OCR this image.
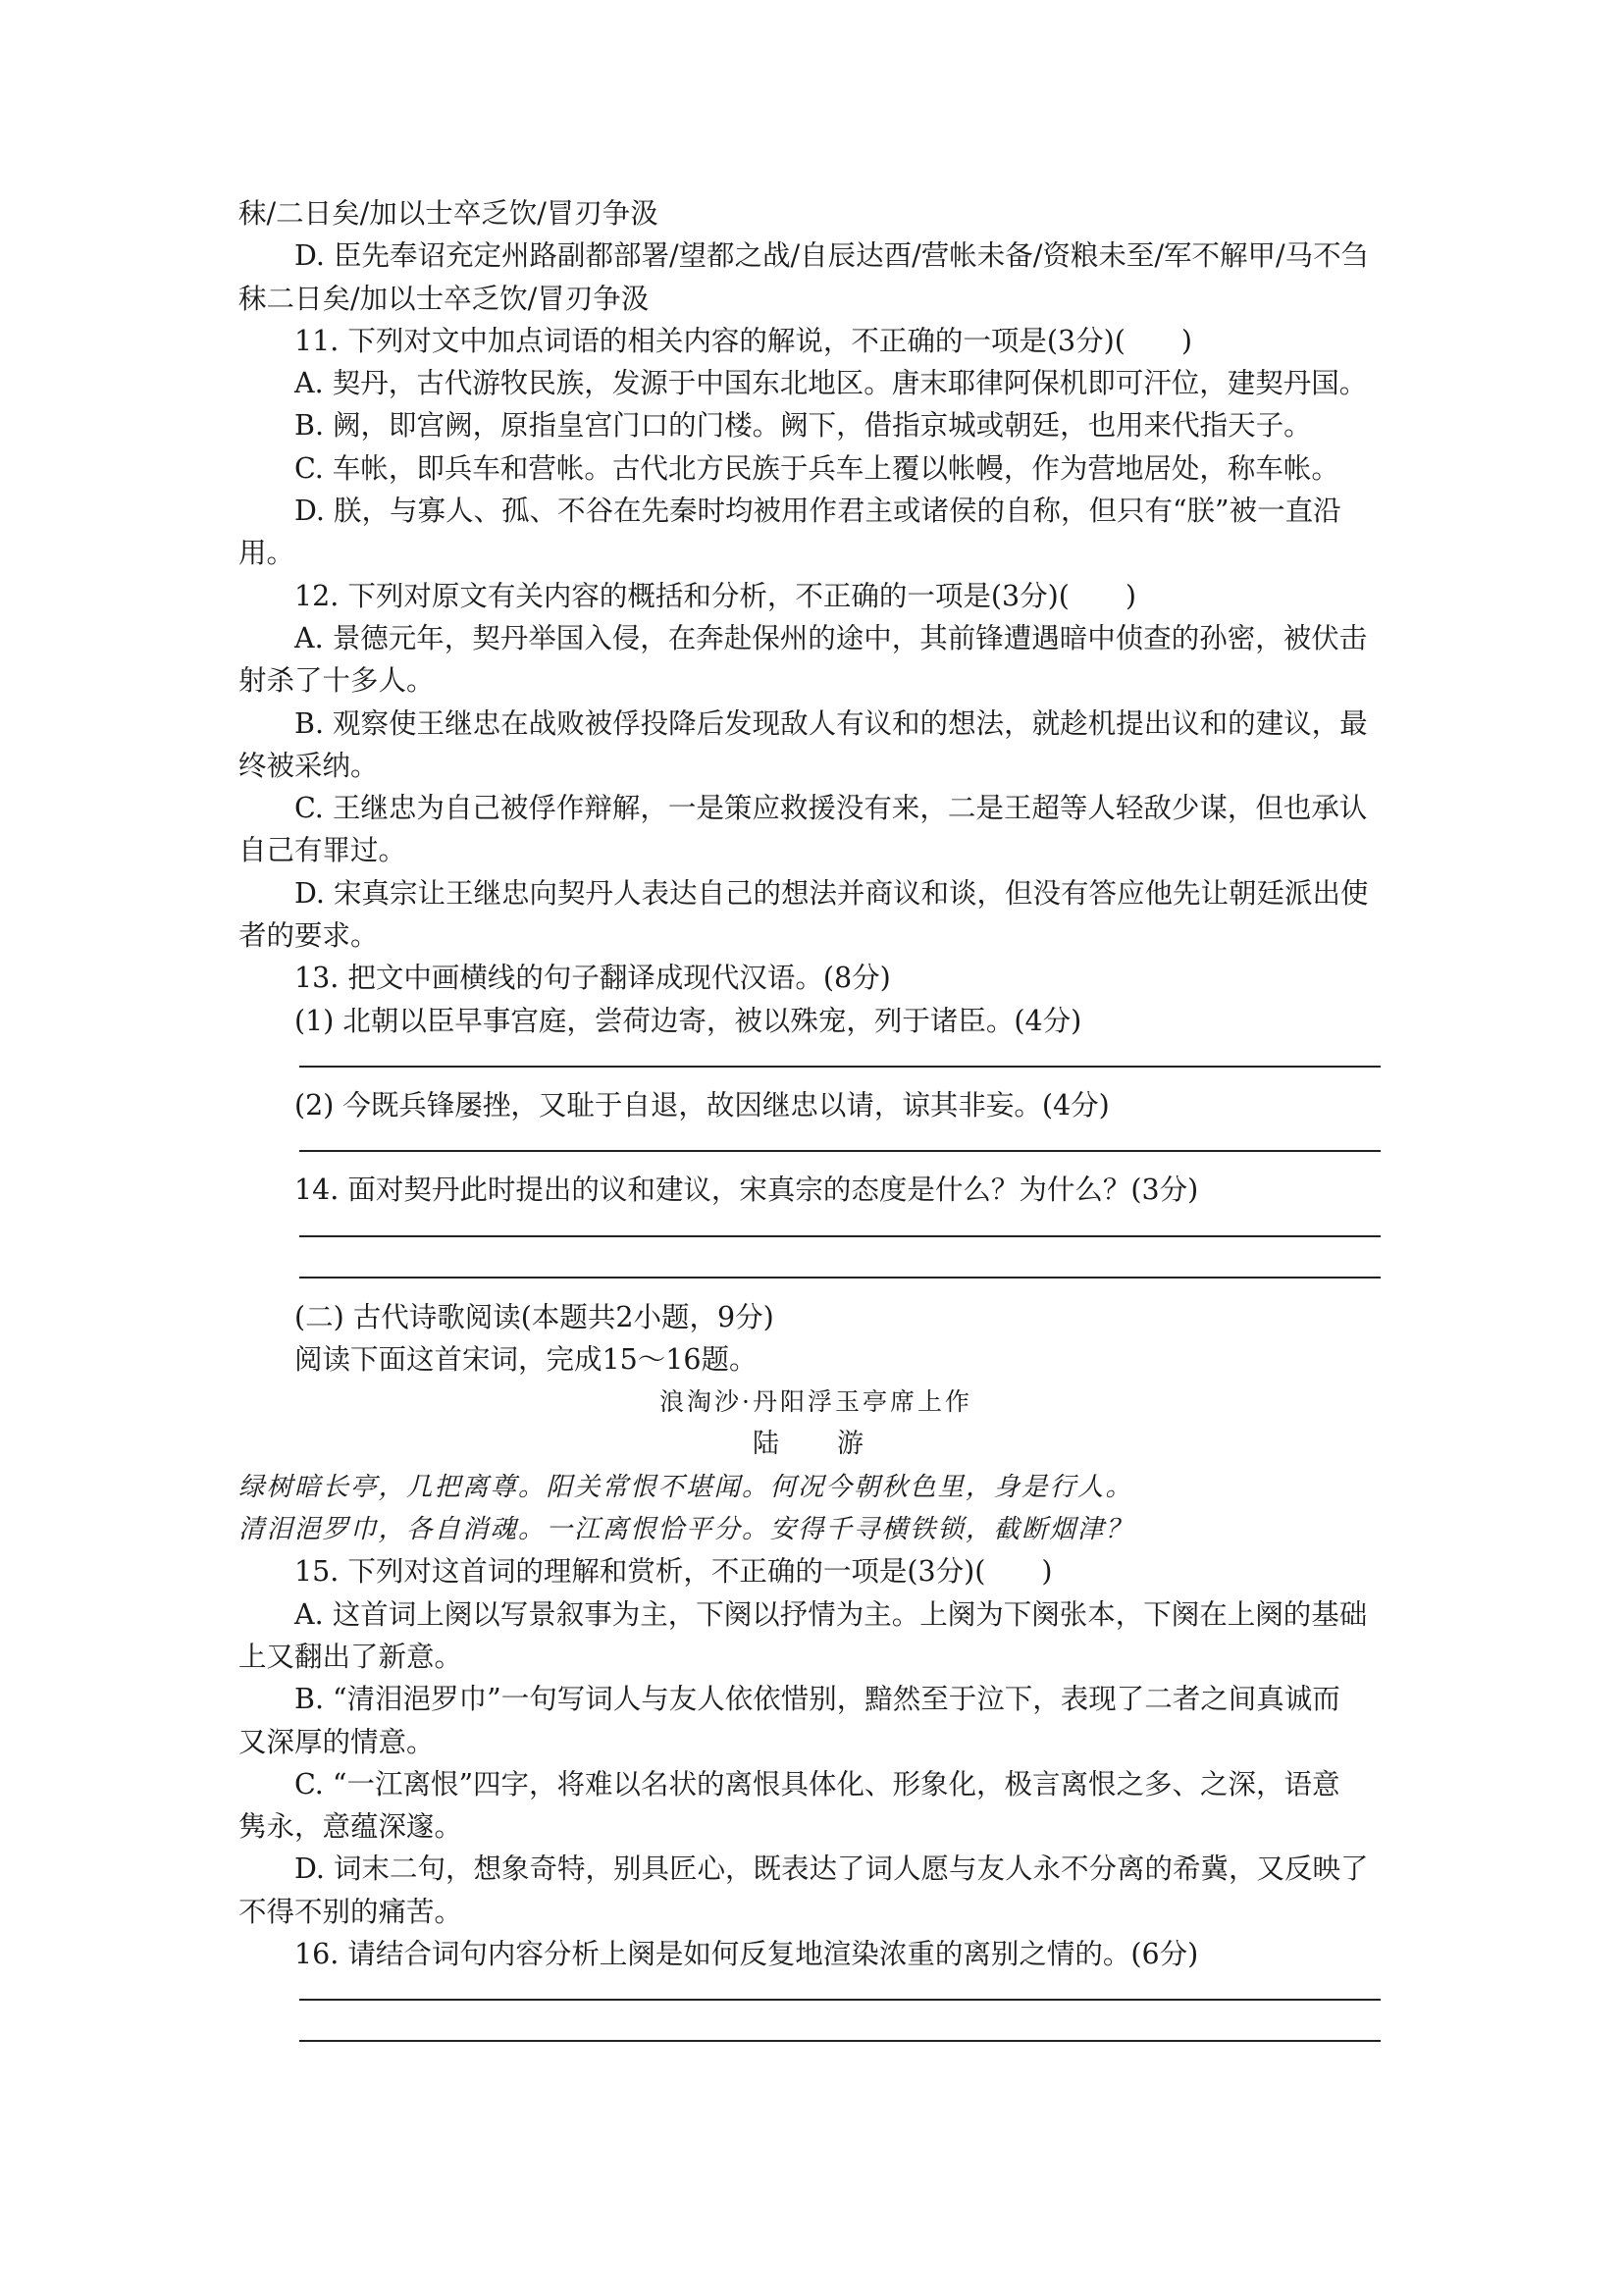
秣/二日矣/加以士卒乏饮/冒刃争汲
D. 臣先奉诏充定州路副都部署/望都之战/自辰达酉/营帐未备/资粮未至/军不解甲/马不刍
秣二日矣/加以士卒乏饮/冒刃争汲
11. 下列对文中加点词语的相关内容的解说，不正确的一项是(3分)(　　)
A. 契丹，古代游牧民族，发源于中国东北地区。唐末耶律阿保机即可汗位，建契丹国。
B. 阙，即宫阙，原指皇宫门口的门楼。阙下，借指京城或朝廷，也用来代指天子。
C. 车帐，即兵车和营帐。古代北方民族于兵车上覆以帐幔，作为营地居处，称车帐。
D. 朕，与寡人、孤、不谷在先秦时均被用作君主或诸侯的自称，但只有“朕”被一直沿
用。
12. 下列对原文有关内容的概括和分析，不正确的一项是(3分)(　　)
A. 景德元年，契丹举国入侵，在奔赴保州的途中，其前锋遭遇暗中侦查的孙密，被伏击
射杀了十多人。
B. 观察使王继忠在战败被俘投降后发现敌人有议和的想法，就趁机提出议和的建议，最
终被采纳。
C. 王继忠为自己被俘作辩解，一是策应救援没有来，二是王超等人轻敌少谋，但也承认
自己有罪过。
D. 宋真宗让王继忠向契丹人表达自己的想法并商议和谈，但没有答应他先让朝廷派出使
者的要求。
13. 把文中画横线的句子翻译成现代汉语。(8分)
(1) 北朝以臣早事宫庭，尝荷边寄，被以殊宠，列于诸臣。(4分)
(2) 今既兵锋屡挫，又耻于自退，故因继忠以请，谅其非妄。(4分)
14. 面对契丹此时提出的议和建议，宋真宗的态度是什么？为什么？(3分)
(二) 古代诗歌阅读(本题共2小题，9分)
阅读下面这首宋词，完成15～16题。
浪淘沙·丹阳浮玉亭席上作
陆　游
绿树暗长亭，几把离尊。阳关常恨不堪闻。何况今朝秋色里，身是行人。
清泪浥罗巾，各自消魂。一江离恨恰平分。安得千寻横铁锁，截断烟津？
15. 下列对这首词的理解和赏析，不正确的一项是(3分)(　　)
A. 这首词上阕以写景叙事为主，下阕以抒情为主。上阕为下阕张本，下阕在上阕的基础
上又翻出了新意。
B. “清泪浥罗巾”一句写词人与友人依依惜别，黯然至于泣下，表现了二者之间真诚而
又深厚的情意。
C. “一江离恨”四字，将难以名状的离恨具体化、形象化，极言离恨之多、之深，语意
隽永，意蕴深邃。
D. 词末二句，想象奇特，别具匠心，既表达了词人愿与友人永不分离的希冀，又反映了
不得不别的痛苦。
16. 请结合词句内容分析上阕是如何反复地渲染浓重的离别之情的。(6分)
